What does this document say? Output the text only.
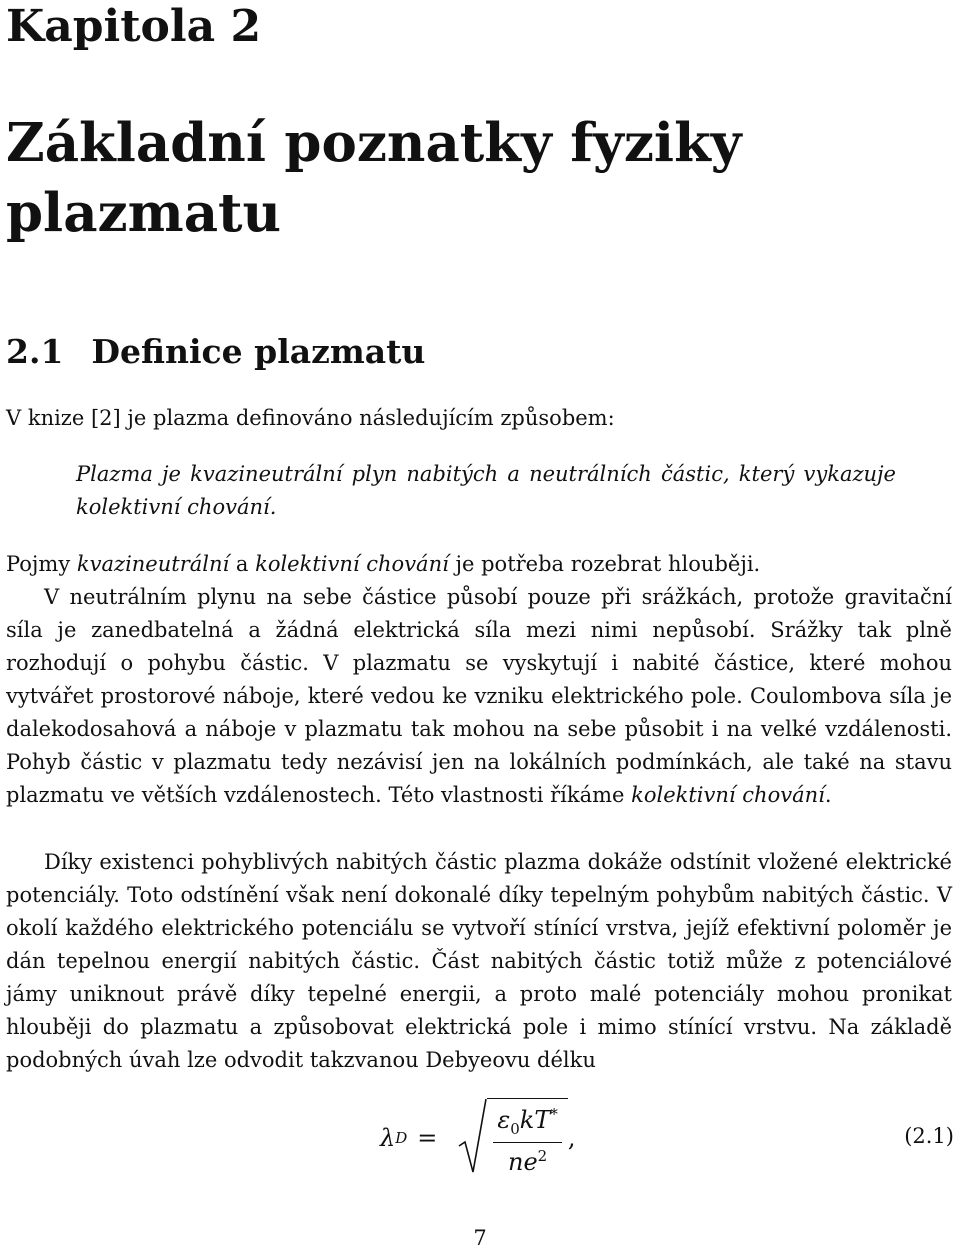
Kapitola 2
Základní poznatky fyziky plazmatu
2.1 Definice plazmatu
V knize [2] je plazma definováno následujícím způsobem:
Plazma je kvazineutrální plyn nabitých a neutrálních částic, který vykazuje kolektivní chování.
Pojmy kvazineutrální a kolektivní chování je potřeba rozebrat hlouběji.
V neutrálním plynu na sebe částice působí pouze při srážkách, protože gravitační síla je zanedbatelná a žádná elektrická síla mezi nimi nepůsobí. Srážky tak plně rozhodují o pohybu částic. V plazmatu se vyskytují i nabité částice, které mohou vytvářet prostorové náboje, které vedou ke vzniku elektrického pole. Coulombova síla je dalekodosahová a náboje v plazmatu tak mohou na sebe působit i na velké vzdálenosti. Pohyb částic v plazmatu tedy nezávisí jen na lokálních podmínkách, ale také na stavu plazmatu ve větších vzdálenostech. Této vlastnosti říkáme kolektivní chování.
Díky existenci pohyblivých nabitých částic plazma dokáže odstínit vložené elektrické potenciály. Toto odstínění však není dokonalé díky tepelným pohybům nabitých částic. V okolí každého elektrického potenciálu se vytvoří stínící vrstva, jejíž efektivní poloměr je dán tepelnou energií nabitých částic. Část nabitých částic totiž může z potenciálové jámy uniknout právě díky tepelné energii, a proto malé potenciály mohou pronikat hlouběji do plazmatu a způsobovat elektrická pole i mimo stínící vrstvu. Na základě podobných úvah lze odvodit takzvanou Debyeovu délku
λ $D = \frac{\varepsilon_0kT^*}{ne^2}$ ,	(2.1)
7
